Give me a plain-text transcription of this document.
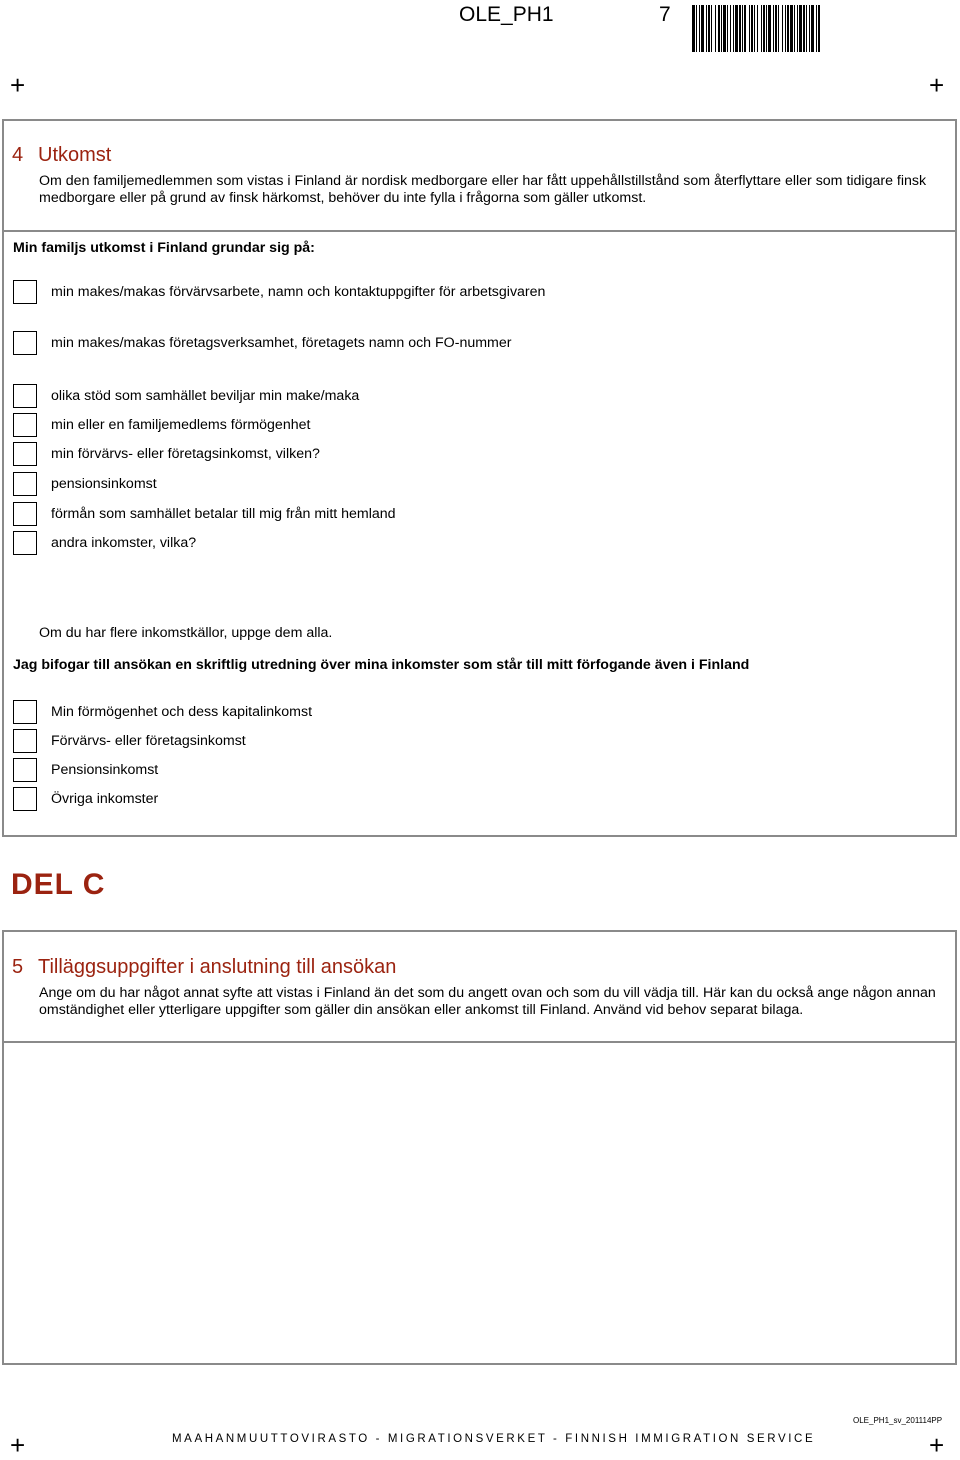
OLE_PH1	7
+	+
+	+
4 Utkomst
Om den familjemedlemmen som vistas i Finland är nordisk medborgare eller har fått uppehållstillstånd som återflyttare eller som tidigare finsk medborgare eller på grund av finsk härkomst, behöver du inte fylla i frågorna som gäller utkomst.
Min familjs utkomst i Finland grundar sig på:
min makes/makas förvärvsarbete, namn och kontaktuppgifter för arbetsgivaren
min makes/makas företagsverksamhet, företagets namn och FO-nummer
olika stöd som samhället beviljar min make/maka
min eller en familjemedlems förmögenhet
min förvärvs- eller företagsinkomst, vilken?
pensionsinkomst
förmån som samhället betalar till mig från mitt hemland
andra inkomster, vilka?
Om du har flere inkomstkällor, uppge dem alla.
Jag bifogar till ansökan en skriftlig utredning över mina inkomster som står till mitt förfogande även i Finland
Min förmögenhet och dess kapitalinkomst
Förvärvs- eller företagsinkomst
Pensionsinkomst
Övriga inkomster
DEL C
5 Tilläggsuppgifter i anslutning till ansökan
Ange om du har något annat syfte att vistas i Finland än det som du angett ovan och som du vill vädja till. Här kan du också ange någon annan omständighet eller ytterligare uppgifter som gäller din ansökan eller ankomst till Finland. Använd vid behov separat bilaga.
OLE_PH1_sv_201114PP
MAAHANMUUTTOVIRASTO - MIGRATIONSVERKET - FINNISH IMMIGRATION SERVICE
